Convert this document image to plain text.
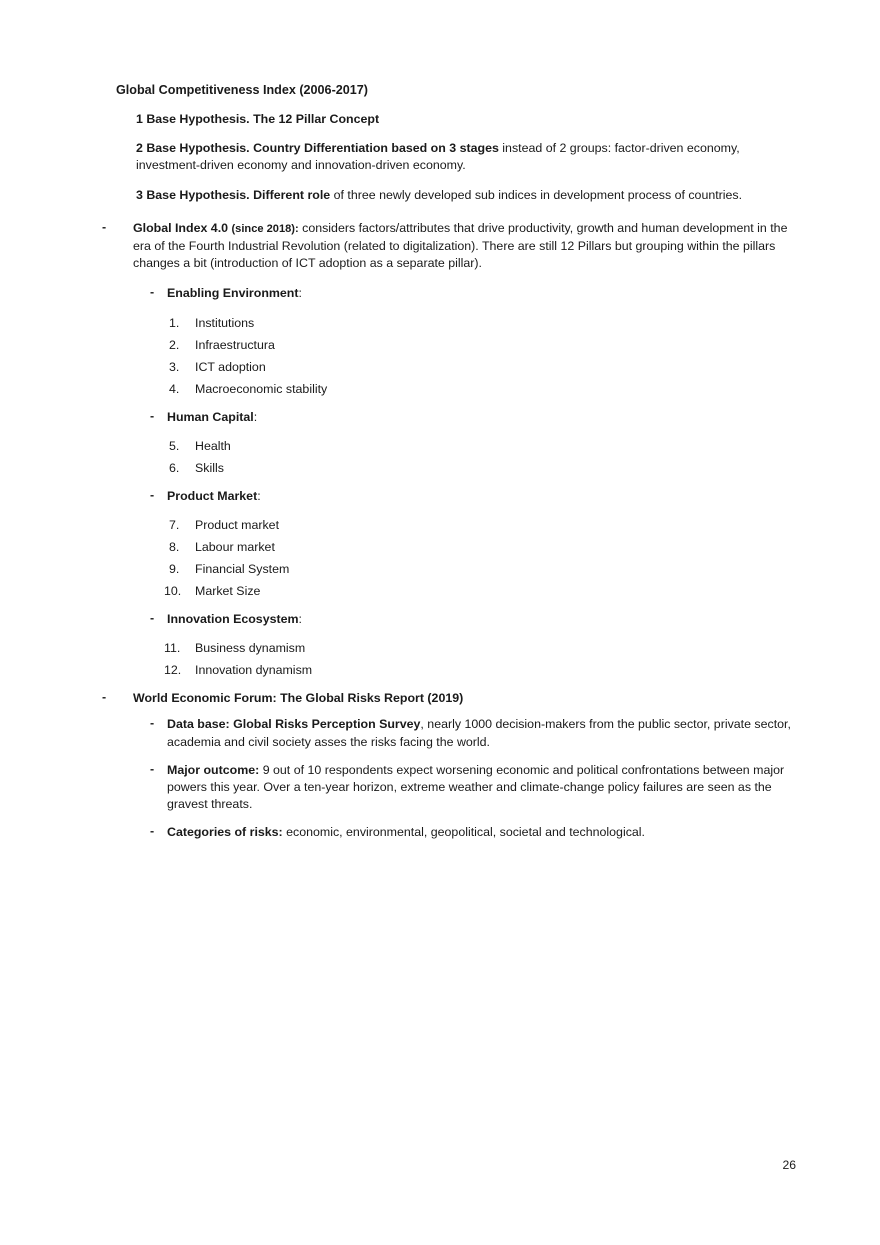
Global Competitiveness Index (2006-2017)
1 Base Hypothesis. The 12 Pillar Concept
2 Base Hypothesis. Country Differentiation based on 3 stages instead of 2 groups: factor-driven economy, investment-driven economy and innovation-driven economy.
3 Base Hypothesis. Different role of three newly developed sub indices in development process of countries.
-	Global Index 4.0 (since 2018): considers factors/attributes that drive productivity, growth and human development in the era of the Fourth Industrial Revolution (related to digitalization). There are still 12 Pillars but grouping within the pillars changes a bit (introduction of ICT adoption as a separate pillar).
-	Enabling Environment:
1.	Institutions
2.	Infraestructura
3.	ICT adoption
4.	Macroeconomic stability
-	Human Capital:
5.	Health
6.	Skills
-	Product Market:
7.	Product market
8.	Labour market
9.	Financial System
10.	Market Size
-	Innovation Ecosystem:
11.	Business dynamism
12.	Innovation dynamism
-	World Economic Forum: The Global Risks Report (2019)
-	Data base: Global Risks Perception Survey, nearly 1000 decision-makers from the public sector, private sector, academia and civil society asses the risks facing the world.
-	Major outcome: 9 out of 10 respondents expect worsening economic and political confrontations between major powers this year. Over a ten-year horizon, extreme weather and climate-change policy failures are seen as the gravest threats.
-	Categories of risks: economic, environmental, geopolitical, societal and technological.
26
